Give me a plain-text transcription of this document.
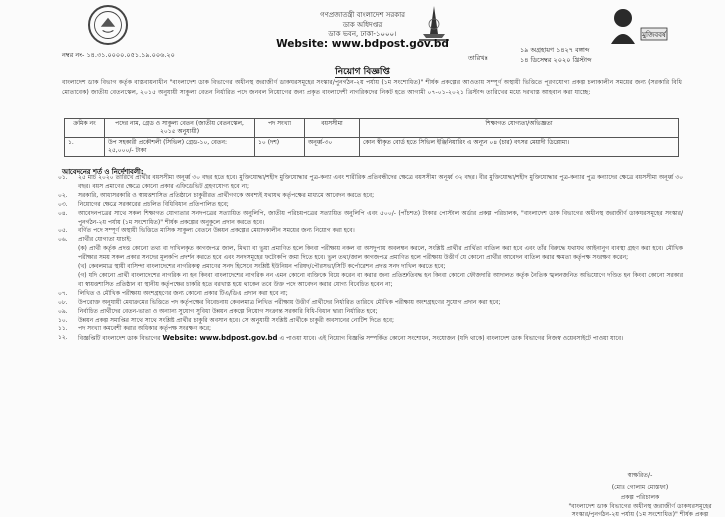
মুজিববর্ষ
গণপ্রজাতন্ত্রী বাংলাদেশ সরকার
ডাক অধিদপ্তর
ডাক ভবন, ঢাকা-১০০০।
Website: www.bdpost.gov.bd
নম্বর নং- ১৪.৩১.০০০০.০৫১.১৯.০০৬.২০	তারিখঃ
১৯ অগ্রহায়ণ ১৪২৭ বঙ্গাব্দ
১৪ ডিসেম্বর ২০২০ খ্রিস্টাব্দ
নিয়োগ বিজ্ঞপ্তি
বাংলাদেশ ডাক বিভাগ কর্তৃক বাস্তবায়নাধীন "বাংলাদেশ ডাক বিভাগের অধীনস্থ জরাজীর্ণ ডাকঘরসমূহের সংস্কার/পুনর্গঠন-২য় পর্যায় (১ম সংশোধিত)" শীর্ষক প্রকল্পের আওতায় সম্পূর্ণ অস্থায়ী ভিত্তিতে পূরণযোগ্য প্রকল্প চলাকালীন সময়ের জন্য (সরকারি বিধি মোতাবেক) জাতীয় বেতনস্কেল, ২০১৫ অনুযায়ী সাকুল্য বেতন নির্ধারিত পদে জনবল নিয়োগের জন্য প্রকৃত বাংলাদেশী নাগরিকদের নিকট হতে আগামী ০৭-০১-২০২১ খ্রিস্টাব্দ তারিখের মধ্যে দরখাস্ত আহবান করা যাচ্ছে:
ক্রমিক নং	পদের নাম, গ্রেড ও সাকুল্য বেতন (জাতীয় বেতনস্কেল, ২০১৫ অনুযায়ী)	পদ সংখ্যা	বয়সসীমা	শিক্ষাগত যোগ্যতা/অভিজ্ঞতা
১.	উপ সহকারী প্রকৌশলী (সিভিল) গ্রেড-১০, বেতন: ২৫,০০০/- টাকা	১০ (দশ)	অনূর্ধ্ব-৩০	কোন স্বীকৃত বোর্ড হতে সিভিল ইঞ্জিনিয়ারিং এ অন্যূন ০৪ (চার) বৎসর মেয়াদী ডিপ্লোমা।
আবেদনের শর্ত ও নির্দেশাবলী:
০১.	২৫ মার্চ ২০২০ তারিখে প্রার্থীর বয়সসীমা অনূর্ধ্ব ৩০ বছর হতে হবে। মুক্তিযোদ্ধা/শহীদ মুক্তিযোদ্ধার পুত্র-কন্যা এবং শারীরিক প্রতিবন্ধীদের ক্ষেত্রে বয়সসীমা অনূর্ধ্ব ৩২ বছর। বীর মুক্তিযোদ্ধা/শহীদ মুক্তিযোদ্ধার পুত্র-কন্যার পুত্র কন্যাদের ক্ষেত্রে বয়সসীমা অনূর্ধ্ব ৩০ বছর। বয়স প্রমাণের ক্ষেত্রে কোনো প্রকার এফিডেভিট গ্রহণযোগ্য হবে না;
০২.	সরকারি, আধাসরকারি ও স্বায়ত্তশাসিত প্রতিষ্ঠানে চাকুরীরত প্রার্থীগণকে অবশ্যই যথাযথ কর্তৃপক্ষের মাধ্যমে আবেদন করতে হবে;
০৩.	নিয়োগের ক্ষেত্রে সরকারের প্রচলিত বিধিবিধান প্রতিপালিত হবে;
০৪.	আবেদনপত্রের সাথে সকল শিক্ষাগত যোগ্যতার সনদপত্রের সত্যায়িত অনুলিপি, জাতীয় পরিচয়পত্রের সত্যায়িত অনুলিপি এবং ৫০০/- (পাঁচশত) টাকার পোস্টাল অর্ডার প্রকল্প পরিচালক, "বাংলাদেশ ডাক বিভাগের অধীনস্থ জরাজীর্ণ ডাকঘরসমূহের সংস্কার/পুনর্গঠন-২য় পর্যায় (১ম সংশোধিত)" শীর্ষক প্রকল্পের অনুকূলে প্রদান করতে হবে।
০৫.	বর্ণিত পদে সম্পূর্ণ অস্থায়ী ভিত্তিতে মাসিক সাকুল্য বেতনে উন্নয়ন প্রকল্পের মেয়াদকালীন সময়ের জন্য নিয়োগ করা হবে।
০৬.	প্রার্থীর যোগ্যতা যাচাই:
(ক) প্রার্থী কর্তৃক প্রদত্ত কোনো তথ্য বা দাখিলকৃত কাগজপত্র জাল, মিথ্যা বা ভুয়া প্রমাণিত হলে কিংবা পরীক্ষায় নকল বা অসদুপায় অবলম্বন করলে, সংশ্লিষ্ট প্রার্থীর প্রার্থিতা বাতিল করা হবে এবং তাঁর বিরুদ্ধে যথাযথ আইনানুগ ব্যবস্থা গ্রহণ করা হবে। মৌখিক পরীক্ষার সময় সকল প্রকার সনদের মূলকপি প্রদর্শন করতে হবে এবং সনদসমূহের ফটোকপি জমা দিতে হবে। ভুল তথ্য/জাল কাগজপত্র প্রমাণিত হলে পরীক্ষায় উত্তীর্ণ যে কোনো প্রার্থীর আবেদন বাতিল করার ক্ষমতা কর্তৃপক্ষ সংরক্ষণ করেন;
(খ) কেবলমাত্র স্থায়ী বাসিন্দা বাংলাদেশের নাগরিকত্ব প্রমাণের সনদ হিসেবে সংশ্লিষ্ট ইউনিয়ন পরিষদ/পৌরসভা/সিটি কর্পোরেশন প্রদত্ত সনদ দাখিল করতে হবে;
(গ) যদি কোনো প্রার্থী বাংলাদেশের নাগরিক না হন কিংবা বাংলাদেশের নাগরিক নন এমন কোনো ব্যক্তিকে বিয়ে করেন বা করার জন্য প্রতিশ্রুতিবদ্ধ হন কিংবা কোনো ফৌজদারি আদালত কর্তৃক নৈতিক স্খলনজনিত অভিযোগে দণ্ডিত হন কিংবা কোনো সরকার বা স্বায়ত্তশাসিত প্রতিষ্ঠান বা স্থানীয় কর্তৃপক্ষের চাকরি হতে বরখাস্ত হয়ে থাকেন তবে উক্ত পদে আবেদন করার যোগ্য বিবেচিত হবেন না;
০৭.	লিখিত ও মৌখিক পরীক্ষায় অংশগ্রহণের জন্য কোনো প্রকার টিএ/ডিএ প্রদান করা হবে না;
০৮.	উপরোক্ত অনুযায়ী মেধাক্রমের ভিত্তিতে পদ কর্তৃপক্ষের বিবেচনায় কেবলমাত্র লিখিত পরীক্ষায় উত্তীর্ণ প্রার্থীদের নির্ধারিত তারিখে মৌখিক পরীক্ষায় অংশগ্রহণের সুযোগ প্রদান করা হবে;
০৯.	নির্বাচিত প্রার্থীদের বেতন-ভাতা ও অন্যান্য সুযোগ সুবিধা উন্নয়ন প্রকল্পে নিয়োগ সংক্রান্ত সরকারি বিধি-বিধান দ্বারা নির্ধারিত হবে;
১০.	উন্নয়ন প্রকল্প সমাপ্তির সাথে সাথে সংশ্লিষ্ট প্রার্থীর চাকুরি অবসান হবে। সে অনুযায়ী সংশ্লিষ্ট প্রার্থীকে চাকুরী অবসানের নোটিশ দিতে হবে;
১১.	পদ সংখ্যা কমবেশী করার অধিকার কর্তৃপক্ষ সংরক্ষণ করে;
১২.	বিজ্ঞপ্তিটি বাংলাদেশ ডাক বিভাগের Website: www.bdpost.gov.bd এ পাওয়া যাবে। এই নিয়োগ বিজ্ঞপ্তি সম্পর্কিত কোনো সংশোধন, সংযোজন (যদি থাকে) বাংলাদেশ ডাক বিভাগের নিজস্ব ওয়েবসাইটে পাওয়া যাবে।
স্বাক্ষরিত/-
(মোঃ গোলাম মোস্তফা)
প্রকল্প পরিচালক
"বাংলাদেশ ডাক বিভাগের অধীনস্থ জরাজীর্ণ ডাকঘরসমূহের
সংস্কার/পুনর্গঠন-২য় পর্যায় (১ম সংশোধিত)" শীর্ষক প্রকল্প
